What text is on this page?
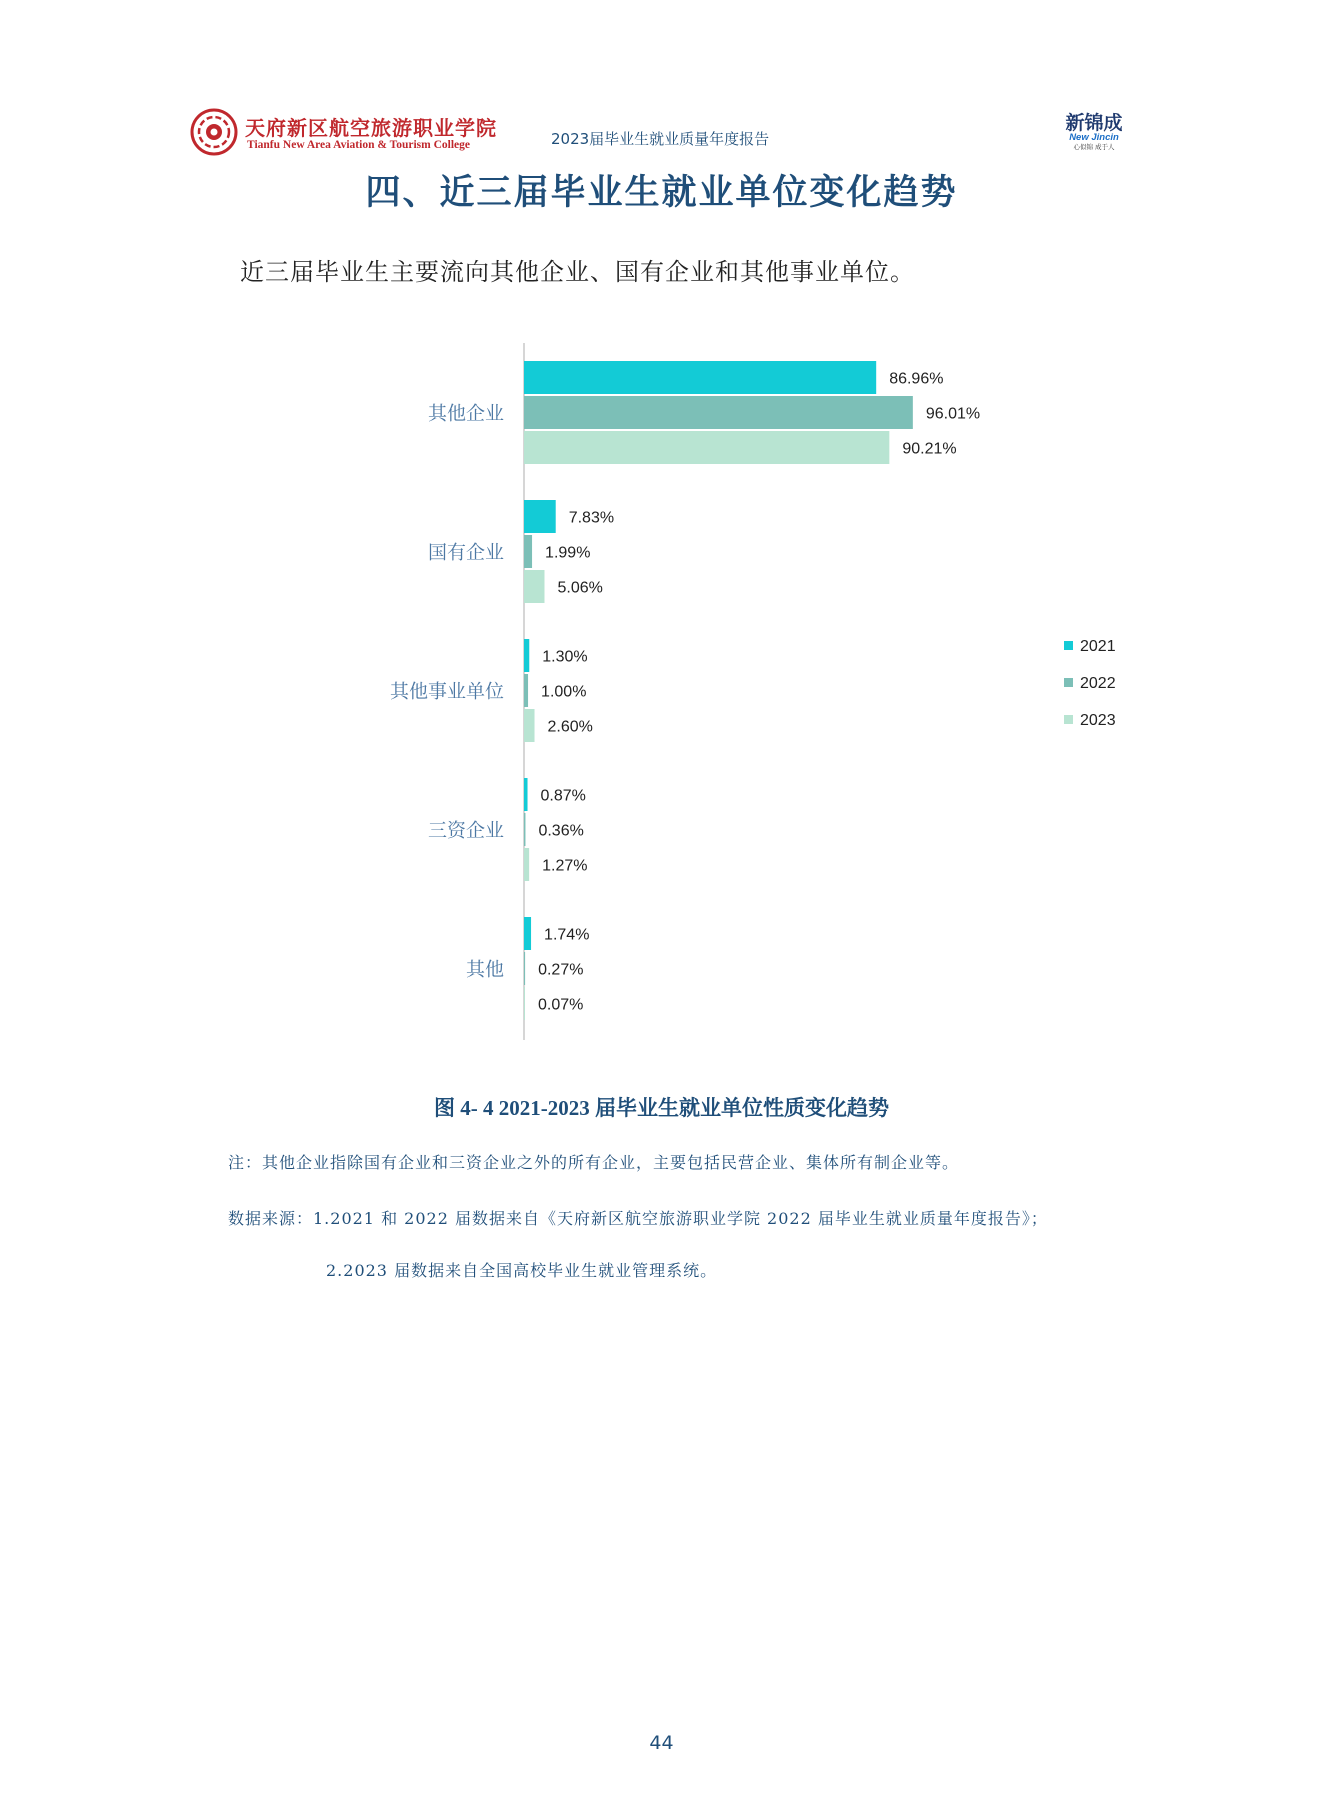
天府新区航空旅游职业学院
Tianfu New Area Aviation & Tourism College	2023届毕业生就业质量年度报告
新锦成
New Jincin
心似锦 成于人
四、近三届毕业生就业单位变化趋势
近三届毕业生主要流向其他企业、国有企业和其他事业单位。
其他企业
86.96%
96.01%
90.21%
国有企业
7.83%
1.99%
5.06%
其他事业单位
1.30%
1.00%
2.60%
三资企业
0.87%
0.36%
1.27%
其他
1.74%
0.27%
0.07%
2021
2022
2023
图 4- 4 2021-2023 届毕业生就业单位性质变化趋势
注：其他企业指除国有企业和三资企业之外的所有企业，主要包括民营企业、集体所有制企业等。
数据来源：1.2021 和 2022 届数据来自《天府新区航空旅游职业学院 2022 届毕业生就业质量年度报告》；
2.2023 届数据来自全国高校毕业生就业管理系统。
44
